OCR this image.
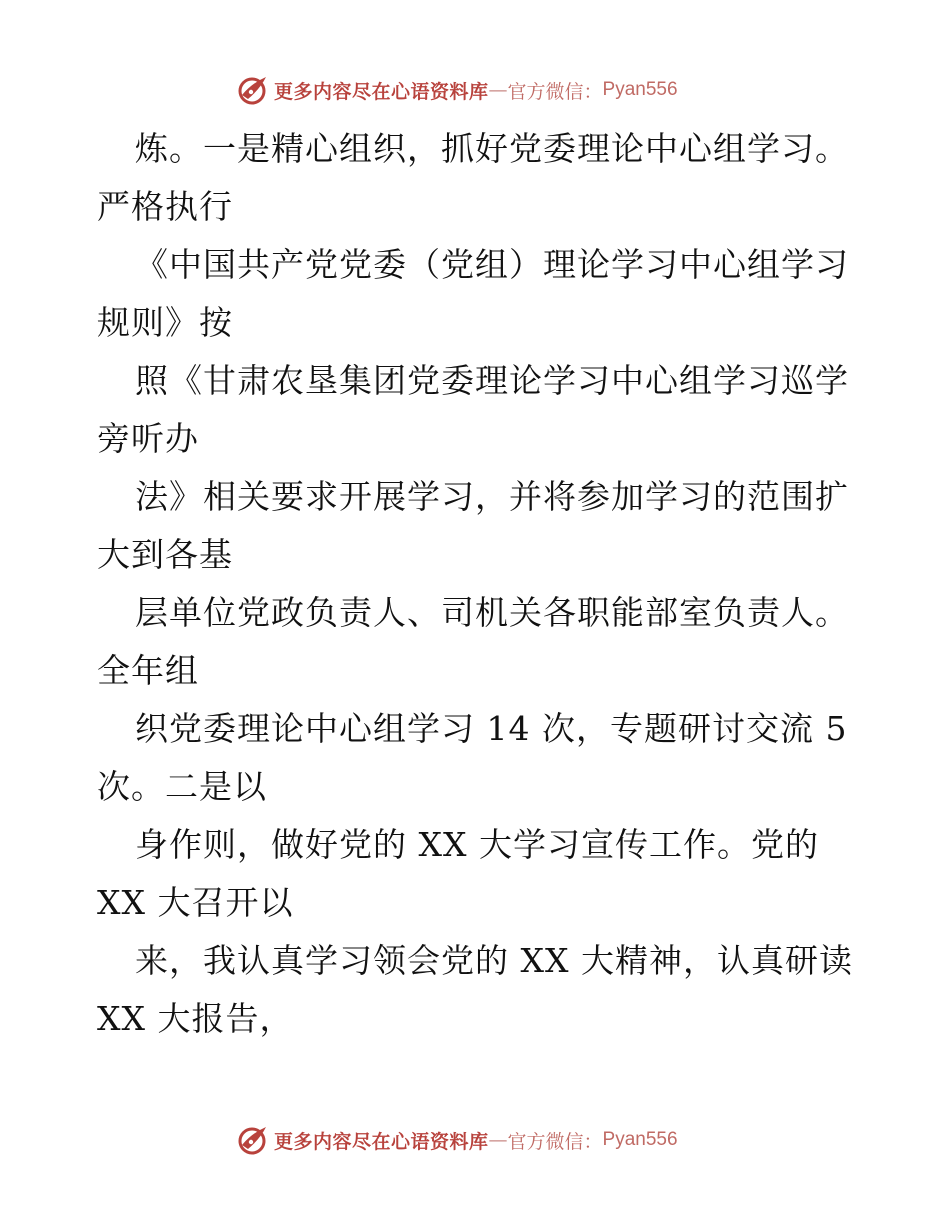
更多内容尽在心语资料库 — 官方微信： Pyan556
炼。一是精心组织，抓好党委理论中心组学习。
严格执行
《中国共产党党委（党组）理论学习中心组学习
规则》按
照《甘肃农垦集团党委理论学习中心组学习巡学
旁听办
法》相关要求开展学习，并将参加学习的范围扩
大到各基
层单位党政负责人、司机关各职能部室负责人。
全年组
织党委理论中心组学习 14 次，专题研讨交流 5
次。二是以
身作则，做好党的 XX 大学习宣传工作。党的
XX 大召开以
来，我认真学习领会党的 XX 大精神，认真研读
XX 大报告，
更多内容尽在心语资料库 — 官方微信： Pyan556
